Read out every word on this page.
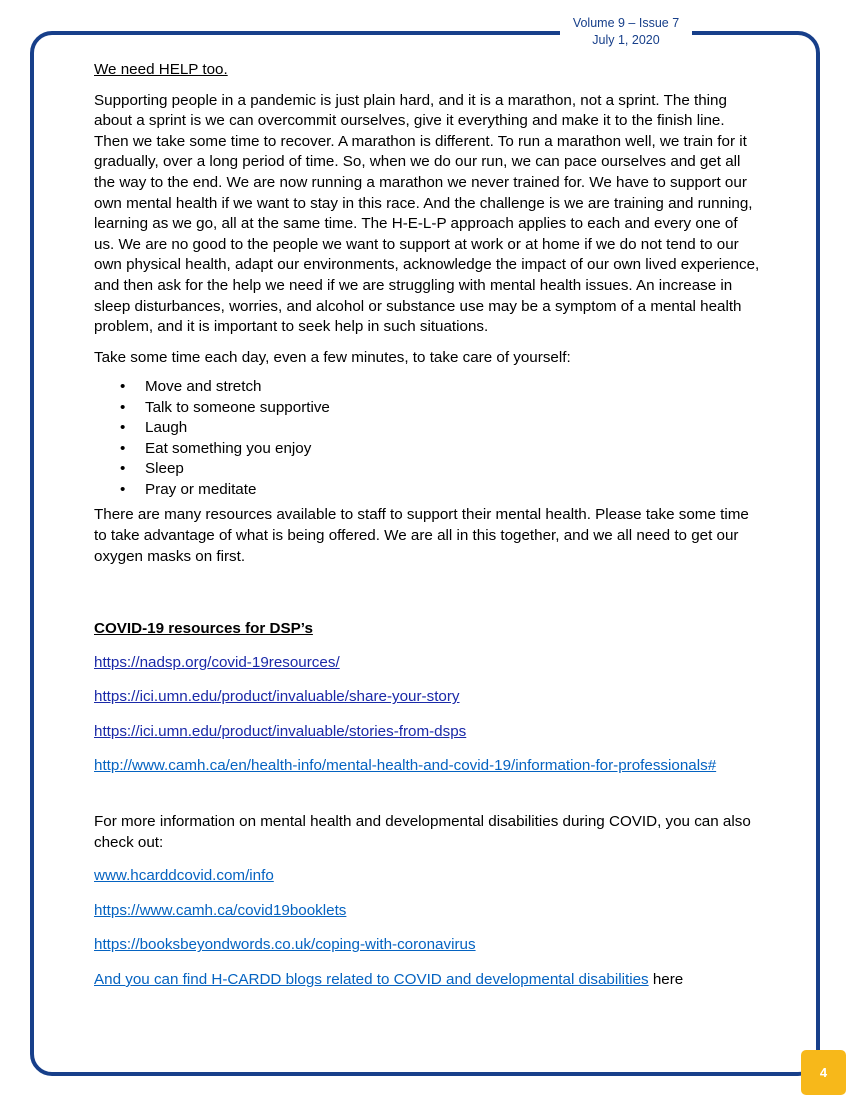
Volume 9 – Issue 7
July 1, 2020

We need HELP too.

Supporting people in a pandemic is just plain hard, and it is a marathon, not a sprint. The thing about a sprint is we can overcommit ourselves, give it everything and make it to the finish line. Then we take some time to recover. A marathon is different. To run a marathon well, we train for it gradually, over a long period of time. So, when we do our run, we can pace ourselves and get all the way to the end. We are now running a marathon we never trained for. We have to support our own mental health if we want to stay in this race. And the challenge is we are training and running, learning as we go, all at the same time. The H-E-L-P approach applies to each and every one of us. We are no good to the people we want to support at work or at home if we do not tend to our own physical health, adapt our environments, acknowledge the impact of our own lived experience, and then ask for the help we need if we are struggling with mental health issues. An increase in sleep disturbances, worries, and alcohol or substance use may be a symptom of a mental health problem, and it is important to seek help in such situations.

Take some time each day, even a few minutes, to take care of yourself:

• Move and stretch
• Talk to someone supportive
• Laugh
• Eat something you enjoy
• Sleep
• Pray or meditate

There are many resources available to staff to support their mental health. Please take some time to take advantage of what is being offered. We are all in this together, and we all need to get our oxygen masks on first.

COVID-19 resources for DSP’s

https://nadsp.org/covid-19resources/

https://ici.umn.edu/product/invaluable/share-your-story

https://ici.umn.edu/product/invaluable/stories-from-dsps

http://www.camh.ca/en/health-info/mental-health-and-covid-19/information-for-professionals#

For more information on mental health and developmental disabilities during COVID, you can also check out:

www.hcarddcovid.com/info

https://www.camh.ca/covid19booklets

https://booksbeyondwords.co.uk/coping-with-coronavirus

And you can find H-CARDD blogs related to COVID and developmental disabilities here

4
